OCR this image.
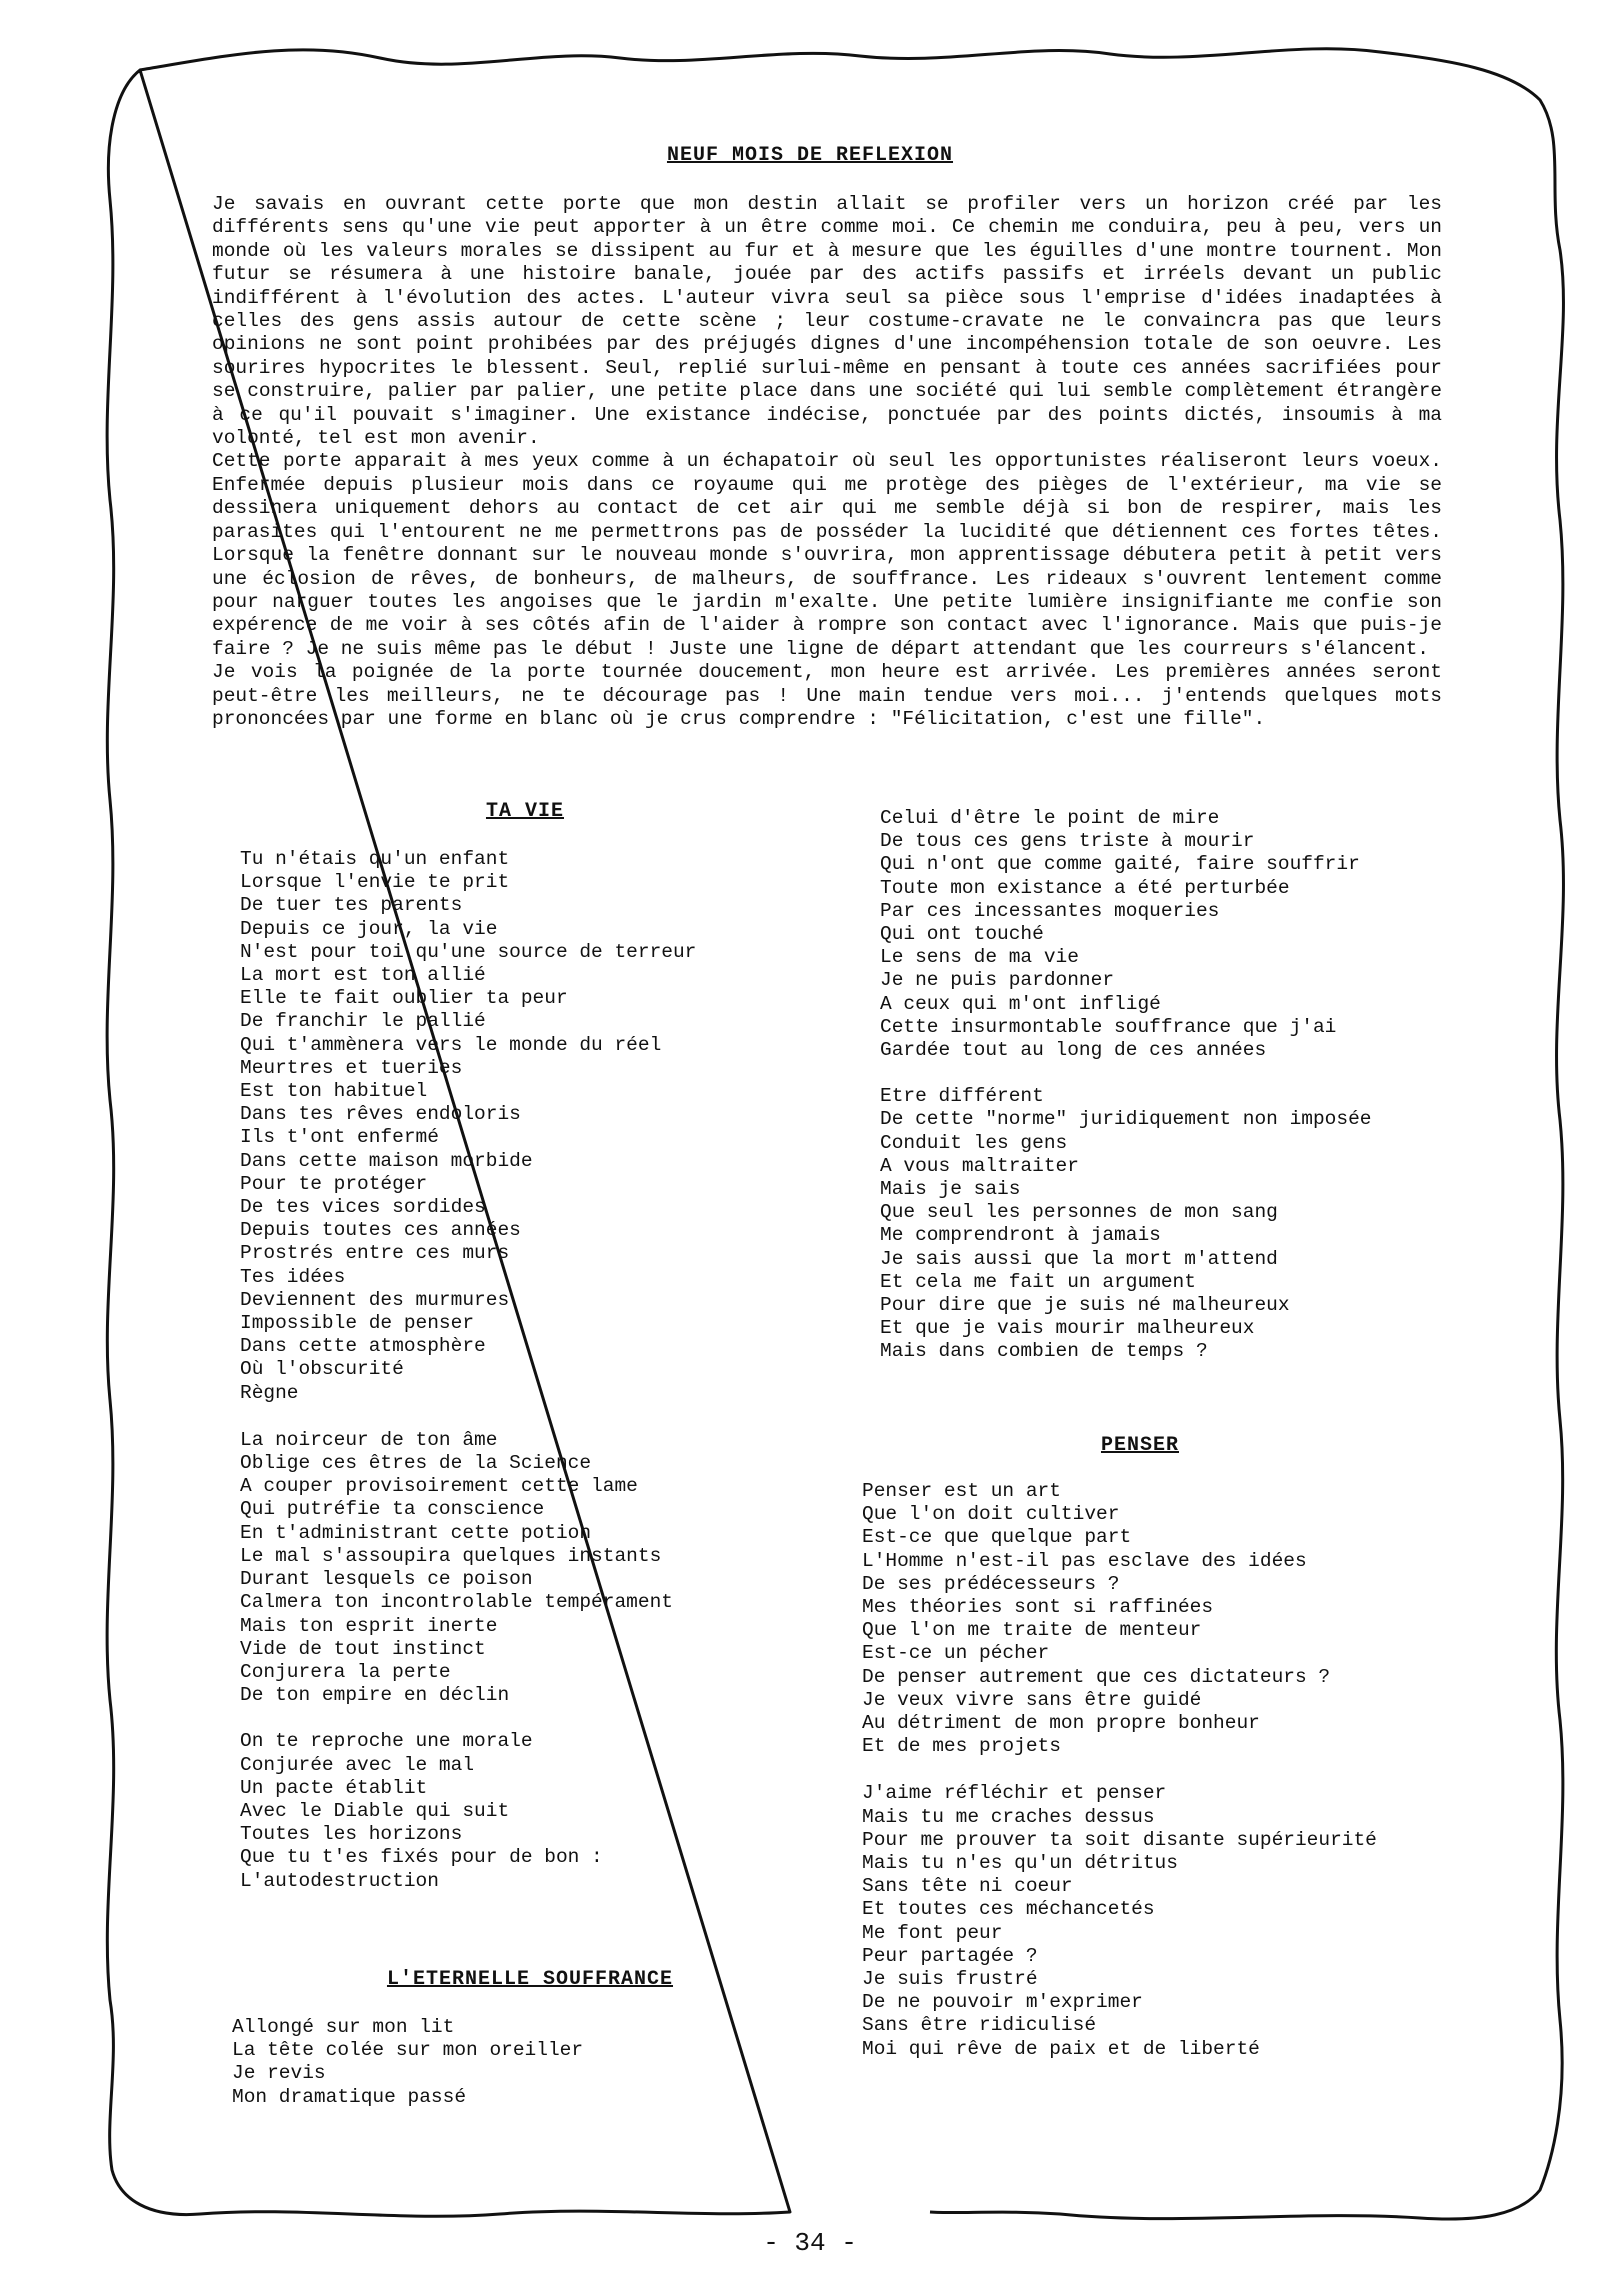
NEUF MOIS DE REFLEXION

Je savais en ouvrant cette porte que mon destin allait se profiler vers un horizon créé par les différents sens qu'une vie peut apporter à un être comme moi. Ce chemin me conduira, peu à peu, vers un monde où les valeurs morales se dissipent au fur et à mesure que les éguilles d'une montre tournent. Mon futur se résumera à une histoire banale, jouée par des actifs passifs et irréels devant un public indifférent à l'évolution des actes. L'auteur vivra seul sa pièce sous l'emprise d'idées inadaptées à celles des gens assis autour de cette scène ; leur costume-cravate ne le convaincra pas que leurs opinions ne sont point prohibées par des préjugés dignes d'une incompéhension totale de son oeuvre. Les sourires hypocrites le blessent. Seul, replié surlui-même en pensant à toute ces années sacrifiées pour se construire, palier par palier, une petite place dans une société qui lui semble complètement étrangère à ce qu'il pouvait s'imaginer. Une existance indécise, ponctuée par des points dictés, insoumis à ma volonté, tel est mon avenir.

Cette porte apparait à mes yeux comme à un échapatoir où seul les opportunistes réaliseront leurs voeux. Enfermée depuis plusieur mois dans ce royaume qui me protège des pièges de l'extérieur, ma vie se dessinera uniquement dehors au contact de cet air qui me semble déjà si bon de respirer, mais les parasites qui l'entourent ne me permettrons pas de posséder la lucidité que détiennent ces fortes têtes. Lorsque la fenêtre donnant sur le nouveau monde s'ouvrira, mon apprentissage débutera petit à petit vers une éclosion de rêves, de bonheurs, de malheurs, de souffrance. Les rideaux s'ouvrent lentement comme pour narguer toutes les angoises que le jardin m'exalte. Une petite lumière insignifiante me confie son expérence de me voir à ses côtés afin de l'aider à rompre son contact avec l'ignorance. Mais que puis-je faire ? Je ne suis même pas le début ! Juste une ligne de départ attendant que les courreurs s'élancent.

Je vois la poignée de la porte tournée doucement, mon heure est arrivée. Les premières années seront peut-être les meilleurs, ne te décourage pas ! Une main tendue vers moi... j'entends quelques mots prononcées par une forme en blanc où je crus comprendre : "Félicitation, c'est une fille".

TA VIE
Tu n'étais qu'un enfant
Lorsque l'envie te prit
De tuer tes parents
Depuis ce jour, la vie
N'est pour toi qu'une source de terreur
La mort est ton allié
Elle te fait oublier ta peur
De franchir le pallié
Qui t'ammènera vers le monde du réel
Meurtres et tueries
Est ton habituel
Dans tes rêves endoloris
Ils t'ont enfermé
Dans cette maison morbide
Pour te protéger
De tes vices sordides
Depuis toutes ces années
Prostrés entre ces murs
Tes idées
Deviennent des murmures
Impossible de penser
Dans cette atmosphère
Où l'obscurité
Règne
La noirceur de ton âme
Oblige ces êtres de la Science
A couper provisoirement cette lame
Qui putréfie ta conscience
En t'administrant cette potion
Le mal s'assoupira quelques instants
Durant lesquels ce poison
Calmera ton incontrolable tempérament
Mais ton esprit inerte
Vide de tout instinct
Conjurera la perte
De ton empire en déclin
On te reproche une morale
Conjurée avec le mal
Un pacte établit
Avec le Diable qui suit
Toutes les horizons
Que tu t'es fixés pour de bon :
L'autodestruction
L'ETERNELLE SOUFFRANCE
Allongé sur mon lit
La tête colée sur mon oreiller
Je revis
Mon dramatique passé
Celui d'être le point de mire
De tous ces gens triste à mourir
Qui n'ont que comme gaité, faire souffrir
Toute mon existance a été perturbée
Par ces incessantes moqueries
Qui ont touché
Le sens de ma vie
Je ne puis pardonner
A ceux qui m'ont infligé
Cette insurmontable souffrance que j'ai
Gardée tout au long de ces années
Etre différent
De cette "norme" juridiquement non imposée
Conduit les gens
A vous maltraiter
Mais je sais
Que seul les personnes de mon sang
Me comprendront à jamais
Je sais aussi que la mort m'attend
Et cela me fait un argument
Pour dire que je suis né malheureux
Et que je vais mourir malheureux
Mais dans combien de temps ?
PENSER
Penser est un art
Que l'on doit cultiver
Est-ce que quelque part
L'Homme n'est-il pas esclave des idées
De ses prédécesseurs ?
Mes théories sont si raffinées
Que l'on me traite de menteur
Est-ce un pécher
De penser autrement que ces dictateurs ?
Je veux vivre sans être guidé
Au détriment de mon propre bonheur
Et de mes projets
J'aime réfléchir et penser
Mais tu me craches dessus
Pour me prouver ta soit disante supérieurité
Mais tu n'es qu'un détritus
Sans tête ni coeur
Et toutes ces méchancetés
Me font peur
Peur partagée ?
Je suis frustré
De ne pouvoir m'exprimer
Sans être ridiculisé
Moi qui rêve de paix et de liberté
- 34 -
